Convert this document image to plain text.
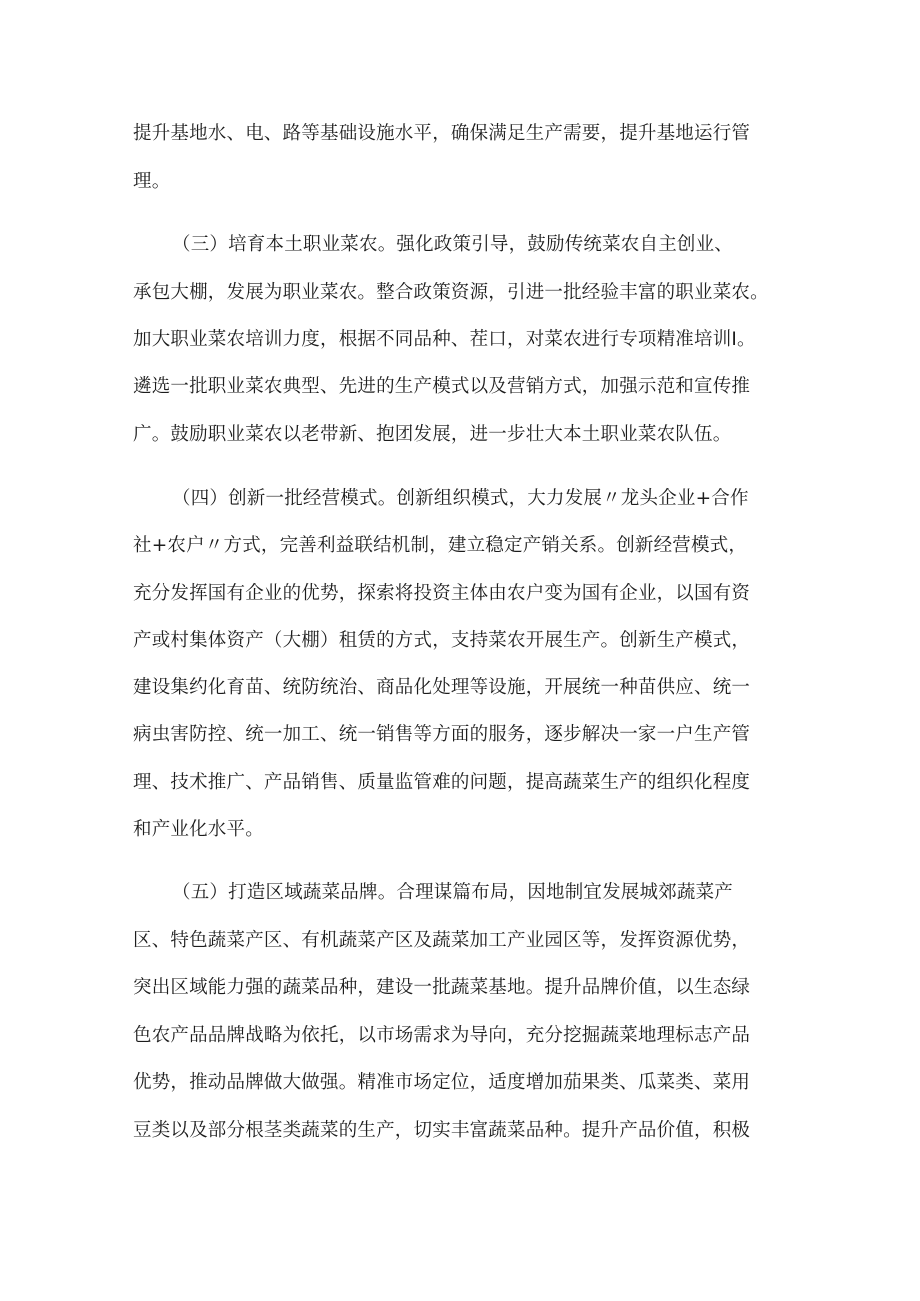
提升基地水、电、路等基础设施水平，确保满足生产需要，提升基地运行管

理。

（三）培育本土职业菜农。强化政策引导，鼓励传统菜农自主创业、

承包大棚，发展为职业菜农。整合政策资源，引进一批经验丰富的职业菜农。

加大职业菜农培训力度，根据不同品种、茬口，对菜农进行专项精准培训Ⅰ。

遴选一批职业菜农典型、先进的生产模式以及营销方式，加强示范和宣传推

广。鼓励职业菜农以老带新、抱团发展，进一步壮大本土职业菜农队伍。

（四）创新一批经营模式。创新组织模式，大力发展〃龙头企业+合作

社+农户〃方式，完善利益联结机制，建立稳定产销关系。创新经营模式，

充分发挥国有企业的优势，探索将投资主体由农户变为国有企业，以国有资

产或村集体资产（大棚）租赁的方式，支持菜农开展生产。创新生产模式，

建设集约化育苗、统防统治、商品化处理等设施，开展统一种苗供应、统一

病虫害防控、统一加工、统一销售等方面的服务，逐步解决一家一户生产管

理、技术推广、产品销售、质量监管难的问题，提高蔬菜生产的组织化程度

和产业化水平。

（五）打造区域蔬菜品牌。合理谋篇布局，因地制宜发展城郊蔬菜产

区、特色蔬菜产区、有机蔬菜产区及蔬菜加工产业园区等，发挥资源优势，

突出区域能力强的蔬菜品种，建设一批蔬菜基地。提升品牌价值，以生态绿

色农产品品牌战略为依托，以市场需求为导向，充分挖掘蔬菜地理标志产品

优势，推动品牌做大做强。精准市场定位，适度增加茄果类、瓜菜类、菜用

豆类以及部分根茎类蔬菜的生产，切实丰富蔬菜品种。提升产品价值，积极
